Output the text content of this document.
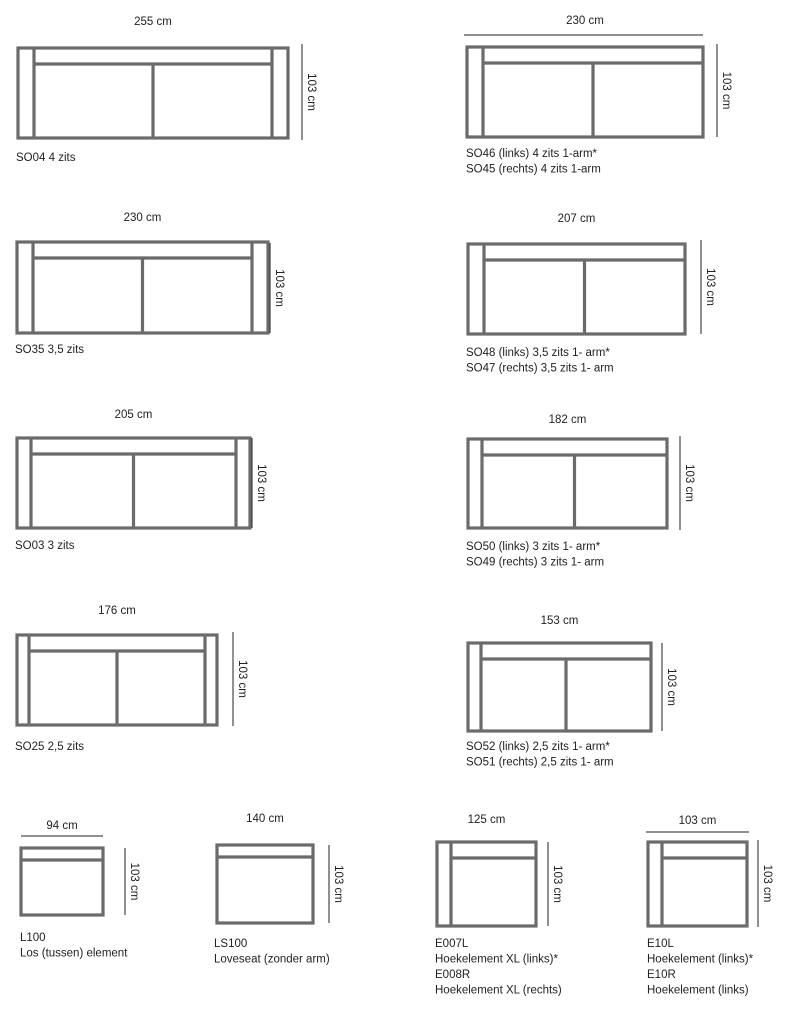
255 cm
103 cm
SO04 4 zits
230 cm
103 cm
SO46 (links) 4 zits 1-arm*
SO45 (rechts) 4 zits 1-arm
230 cm
103 cm
SO35 3,5 zits
207 cm
103 cm
SO48 (links) 3,5 zits 1- arm*
SO47 (rechts) 3,5 zits 1- arm
205 cm
103 cm
SO03 3 zits
182 cm
103 cm
SO50 (links) 3 zits 1- arm*
SO49 (rechts) 3 zits 1- arm
176 cm
103 cm
SO25 2,5 zits
153 cm
103 cm
SO52 (links) 2,5 zits 1- arm*
SO51 (rechts) 2,5 zits 1- arm
94 cm
103 cm
L100
Los (tussen) element
140 cm
103 cm
LS100
Loveseat (zonder arm)
125 cm
103 cm
E007L
Hoekelement XL (links)*
E008R
Hoekelement XL (rechts)
103 cm
103 cm
E10L
Hoekelement (links)*
E10R
Hoekelement (links)
